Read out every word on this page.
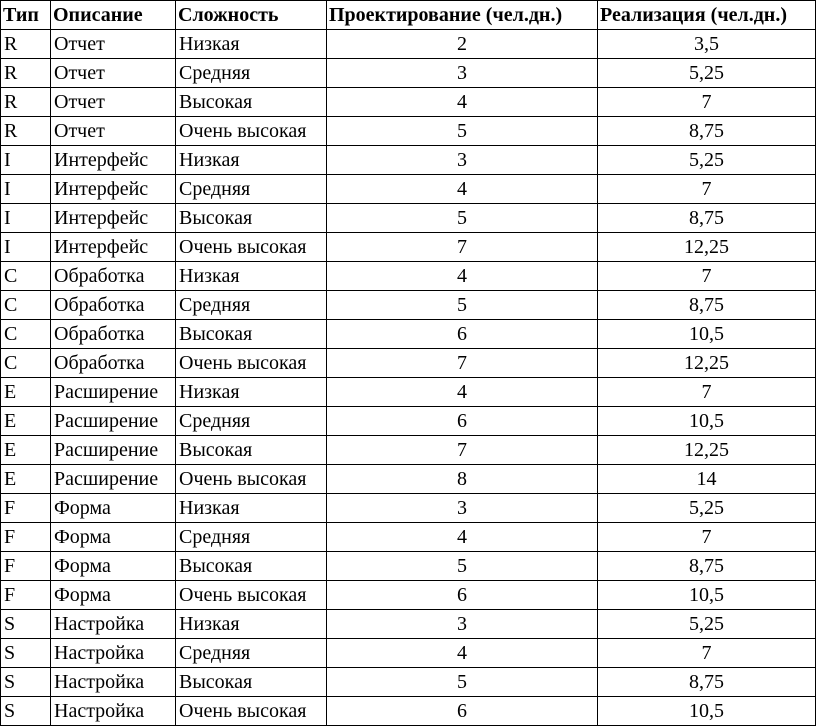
Тип	Описание	Сложность	Проектирование (чел.дн.)	Реализация (чел.дн.)
R	Отчет	Низкая	2	3,5
R	Отчет	Средняя	3	5,25
R	Отчет	Высокая	4	7
R	Отчет	Очень высокая	5	8,75
I	Интерфейс	Низкая	3	5,25
I	Интерфейс	Средняя	4	7
I	Интерфейс	Высокая	5	8,75
I	Интерфейс	Очень высокая	7	12,25
C	Обработка	Низкая	4	7
C	Обработка	Средняя	5	8,75
C	Обработка	Высокая	6	10,5
C	Обработка	Очень высокая	7	12,25
E	Расширение	Низкая	4	7
E	Расширение	Средняя	6	10,5
E	Расширение	Высокая	7	12,25
E	Расширение	Очень высокая	8	14
F	Форма	Низкая	3	5,25
F	Форма	Средняя	4	7
F	Форма	Высокая	5	8,75
F	Форма	Очень высокая	6	10,5
S	Настройка	Низкая	3	5,25
S	Настройка	Средняя	4	7
S	Настройка	Высокая	5	8,75
S	Настройка	Очень высокая	6	10,5
